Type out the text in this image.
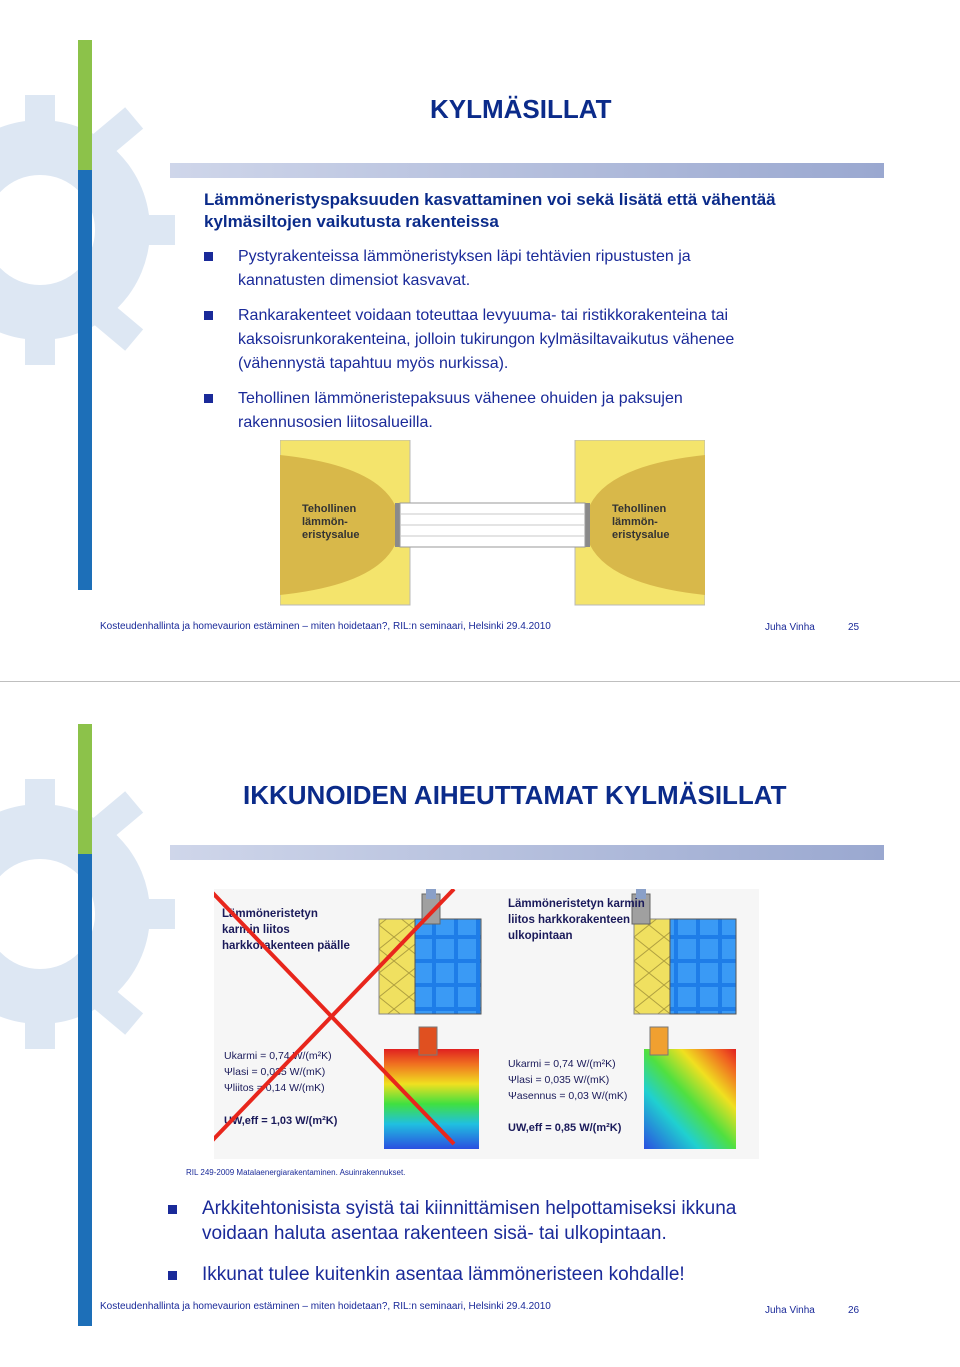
KYLMÄSILLAT
Lämmöneristyspaksuuden kasvattaminen voi sekä lisätä että vähentää
kylmäsiltojen vaikutusta rakenteissa
Pystyrakenteissa lämmöneristyksen läpi tehtävien ripustusten ja
kannatusten dimensiot kasvavat.
Rankarakenteet voidaan toteuttaa levyuuma- tai ristikkorakenteina tai
kaksoisrunkorakenteina, jolloin tukirungon kylmäsiltavaikutus vähenee
(vähennystä tapahtuu myös nurkissa).
Tehollinen lämmöneristepaksuus vähenee ohuiden ja paksujen
rakennusosien liitosalueilla.
Tehollinen lämmön- eristysalue
Tehollinen lämmön- eristysalue
Kosteudenhallinta ja homevaurion estäminen – miten hoidetaan?, RIL:n seminaari, Helsinki 29.4.2010	Juha Vinha	25
IKKUNOIDEN AIHEUTTAMAT KYLMÄSILLAT
Lämmöneristetyn karmin liitos harkkorakenteen päälle
Lämmöneristetyn karmin liitos harkkorakenteen ulkopintaan
Ukarmi = 0,74 W/(m²K) Ψlasi = 0,035 W/(mK) Ψliitos = 0,14 W/(mK)
UW,eff = 1,03 W/(m²K)
Ukarmi = 0,74 W/(m²K) Ψlasi = 0,035 W/(mK) Ψasennus = 0,03 W/(mK)
UW,eff = 0,85 W/(m²K)
RIL 249-2009 Matalaenergiarakentaminen. Asuinrakennukset.
Arkkitehtonisista syistä tai kiinnittämisen helpottamiseksi ikkuna
voidaan haluta asentaa rakenteen sisä- tai ulkopintaan.
Ikkunat tulee kuitenkin asentaa lämmöneristeen kohdalle!
Kosteudenhallinta ja homevaurion estäminen – miten hoidetaan?, RIL:n seminaari, Helsinki 29.4.2010	Juha Vinha	26
